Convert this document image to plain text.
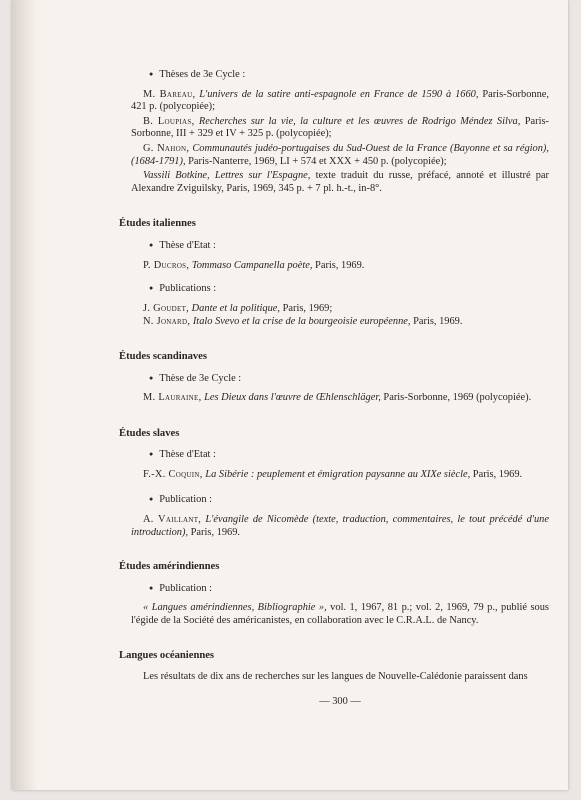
● Thèses de 3e Cycle :

M. Bareau, L'univers de la satire anti-espagnole en France de 1590 à 1660, Paris-Sorbonne, 421 p. (polycopiée);

B. Loupias, Recherches sur la vie, la culture et les œuvres de Rodrigo Méndez Silva, Paris-Sorbonne, III + 329 et IV + 325 p. (polycopiée);

G. Nahon, Communautés judéo-portugaises du Sud-Ouest de la France (Bayonne et sa région), (1684-1791), Paris-Nanterre, 1969, LI + 574 et XXX + 450 p. (polycopiée);

Vassili Botkine, Lettres sur l'Espagne, texte traduit du russe, préfacé, annoté et illustré par Alexandre Zviguilsky, Paris, 1969, 345 p. + 7 pl. h.-t., in-8°.

Études italiennes

● Thèse d'Etat :

P. Ducros, Tommaso Campanella poète, Paris, 1969.

● Publications :

J. Goudet, Dante et la politique, Paris, 1969;

N. Jonard, Italo Svevo et la crise de la bourgeoisie européenne, Paris, 1969.

Études scandinaves

● Thèse de 3e Cycle :

M. Lauraine, Les Dieux dans l'œuvre de Œhlenschläger, Paris-Sorbonne, 1969 (polycopiée).

Études slaves

● Thèse d'Etat :

F.-X. Coquin, La Sibérie : peuplement et émigration paysanne au XIXe siècle, Paris, 1969.

● Publication :

A. Vaillant, L'évangile de Nicomède (texte, traduction, commentaires, le tout précédé d'une introduction), Paris, 1969.

Études amérindiennes

● Publication :

« Langues amérindiennes, Bibliographie », vol. 1, 1967, 81 p.; vol. 2, 1969, 79 p., publié sous l'égide de la Société des américanistes, en collaboration avec le C.R.A.L. de Nancy.

Langues océaniennes

Les résultats de dix ans de recherches sur les langues de Nouvelle-Calédonie paraissent dans

— 300 —
